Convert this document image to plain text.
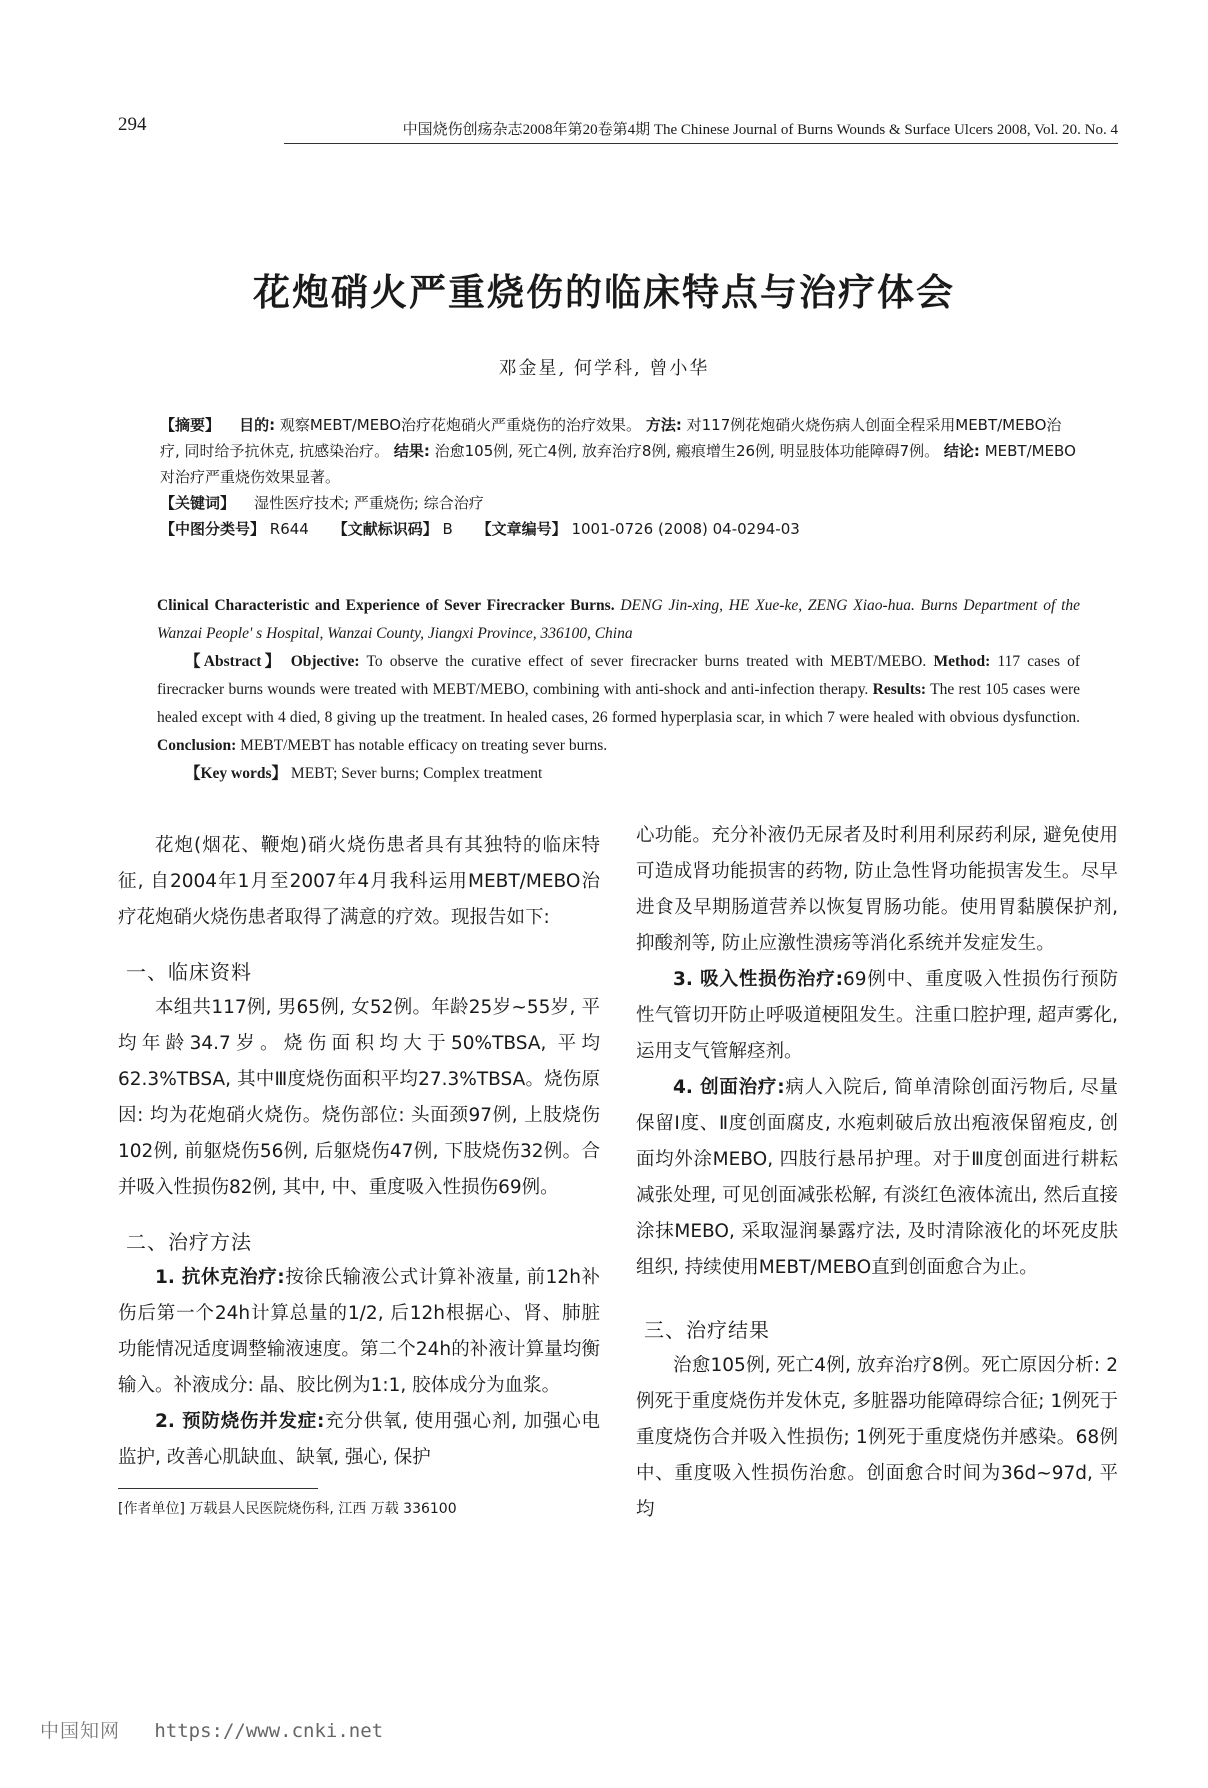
294	中国烧伤创疡杂志2008年第20卷第4期 The Chinese Journal of Burns Wounds & Surface Ulcers 2008, Vol. 20. No. 4
花炮硝火严重烧伤的临床特点与治疗体会
邓金星, 何学科, 曾小华

【摘要】 目的: 观察MEBT/MEBO治疗花炮硝火严重烧伤的治疗效果。 方法: 对117例花炮硝火烧伤病人创面全程采用MEBT/MEBO治疗, 同时给予抗休克, 抗感染治疗。 结果: 治愈105例, 死亡4例, 放弃治疗8例, 瘢痕增生26例, 明显肢体功能障碍7例。 结论: MEBT/MEBO对治疗严重烧伤效果显著。

【关键词】 湿性医疗技术; 严重烧伤; 综合治疗

【中图分类号】 R644 【文献标识码】 B 【文章编号】 1001-0726 (2008) 04-0294-03

Clinical Characteristic and Experience of Sever Firecracker Burns. DENG Jin-xing, HE Xue-ke, ZENG Xiao-hua. Burns Department of the Wanzai People' s Hospital, Wanzai County, Jiangxi Province, 336100, China

【Abstract】 Objective: To observe the curative effect of sever firecracker burns treated with MEBT/MEBO. Method: 117 cases of firecracker burns wounds were treated with MEBT/MEBO, combining with anti-shock and anti-infection therapy. Results: The rest 105 cases were healed except with 4 died, 8 giving up the treatment. In healed cases, 26 formed hyperplasia scar, in which 7 were healed with obvious dysfunction. Conclusion: MEBT/MEBT has notable efficacy on treating sever burns.

【Key words】 MEBT; Sever burns; Complex treatment

花炮(烟花、鞭炮)硝火烧伤患者具有其独特的临床特征, 自2004年1月至2007年4月我科运用MEBT/MEBO治疗花炮硝火烧伤患者取得了满意的疗效。现报告如下:

一、临床资料

本组共117例, 男65例, 女52例。年龄25岁~55岁, 平均年龄34.7岁。烧伤面积均大于50%TBSA, 平均62.3%TBSA, 其中Ⅲ度烧伤面积平均27.3%TBSA。烧伤原因: 均为花炮硝火烧伤。烧伤部位: 头面颈97例, 上肢烧伤102例, 前躯烧伤56例, 后躯烧伤47例, 下肢烧伤32例。合并吸入性损伤82例, 其中, 中、重度吸入性损伤69例。

二、治疗方法

1. 抗休克治疗:按徐氏输液公式计算补液量, 前12h补伤后第一个24h计算总量的1/2, 后12h根据心、肾、肺脏功能情况适度调整输液速度。第二个24h的补液计算量均衡输入。补液成分: 晶、胶比例为1:1, 胶体成分为血浆。

2. 预防烧伤并发症:充分供氧, 使用强心剂, 加强心电监护, 改善心肌缺血、缺氧, 强心, 保护

心功能。充分补液仍无尿者及时利用利尿药利尿, 避免使用可造成肾功能损害的药物, 防止急性肾功能损害发生。尽早进食及早期肠道营养以恢复胃肠功能。使用胃黏膜保护剂, 抑酸剂等, 防止应激性溃疡等消化系统并发症发生。

3. 吸入性损伤治疗:69例中、重度吸入性损伤行预防性气管切开防止呼吸道梗阻发生。注重口腔护理, 超声雾化, 运用支气管解痉剂。

4. 创面治疗:病人入院后, 简单清除创面污物后, 尽量保留Ⅰ度、Ⅱ度创面腐皮, 水疱刺破后放出疱液保留疱皮, 创面均外涂MEBO, 四肢行悬吊护理。对于Ⅲ度创面进行耕耘减张处理, 可见创面减张松解, 有淡红色液体流出, 然后直接涂抹MEBO, 采取湿润暴露疗法, 及时清除液化的坏死皮肤组织, 持续使用MEBT/MEBO直到创面愈合为止。

三、治疗结果

治愈105例, 死亡4例, 放弃治疗8例。死亡原因分析: 2例死于重度烧伤并发休克, 多脏器功能障碍综合征; 1例死于重度烧伤合并吸入性损伤; 1例死于重度烧伤并感染。68例中、重度吸入性损伤治愈。创面愈合时间为36d~97d, 平均

[作者单位] 万载县人民医院烧伤科, 江西 万载 336100
中国知网 https://www.cnki.net
